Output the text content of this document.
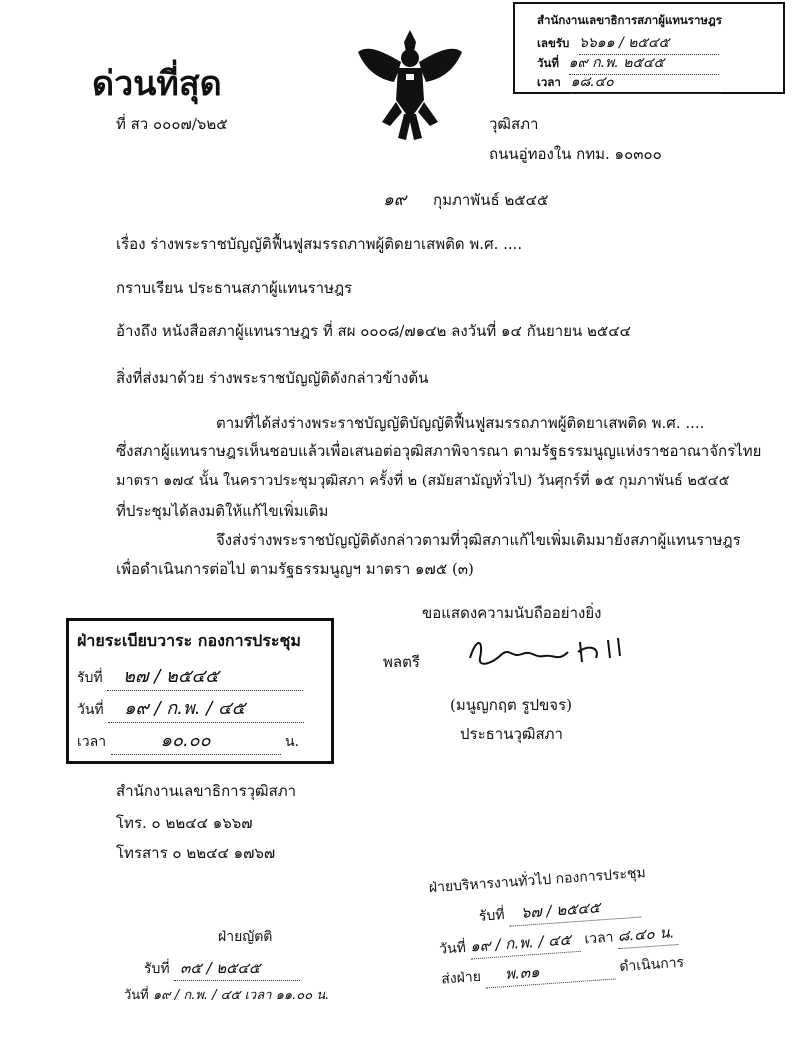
ด่วนที่สุด
ที่ สว ๐๐๐๗/๖๒๕	วุฒิสภา
ถนนอู่ทองใน กทม. ๑๐๓๐๐
สำนักงานเลขาธิการสภาผู้แทนราษฎร
เลขรับ ๖๖๑๑ / ๒๕๔๕
วันที่ ๑๙ ก.พ. ๒๕๔๕
เวลา ๑๘.๔๐
๑๙ กุมภาพันธ์ ๒๕๔๕
เรื่อง ร่างพระราชบัญญัติฟื้นฟูสมรรถภาพผู้ติดยาเสพติด พ.ศ. ....
กราบเรียน ประธานสภาผู้แทนราษฎร
อ้างถึง หนังสือสภาผู้แทนราษฎร ที่ สผ ๐๐๐๘/๗๑๔๒ ลงวันที่ ๑๔ กันยายน ๒๕๔๔
สิ่งที่ส่งมาด้วย ร่างพระราชบัญญัติดังกล่าวข้างต้น
ตามที่ได้ส่งร่างพระราชบัญญัติบัญญัติฟื้นฟูสมรรถภาพผู้ติดยาเสพติด พ.ศ. ....
ซึ่งสภาผู้แทนราษฎรเห็นชอบแล้วเพื่อเสนอต่อวุฒิสภาพิจารณา ตามรัฐธรรมนูญแห่งราชอาณาจักรไทย
มาตรา ๑๗๔ นั้น ในคราวประชุมวุฒิสภา ครั้งที่ ๒ (สมัยสามัญทั่วไป) วันศุกร์ที่ ๑๕ กุมภาพันธ์ ๒๕๔๕
ที่ประชุมได้ลงมติให้แก้ไขเพิ่มเติม
จึงส่งร่างพระราชบัญญัติดังกล่าวตามที่วุฒิสภาแก้ไขเพิ่มเติมมายังสภาผู้แทนราษฎร
เพื่อดำเนินการต่อไป ตามรัฐธรรมนูญฯ มาตรา ๑๗๕ (๓)
ขอแสดงความนับถืออย่างยิ่ง
ฝ่ายระเบียบวาระ กองการประชุม
รับที่ ๒๗ / ๒๕๔๕
วันที่ ๑๙ / ก.พ. / ๔๕
เวลา	๑๐.๐๐	น.
พลตรี
(มนูญกฤต รูปขจร)
ประธานวุฒิสภา
สำนักงานเลขาธิการวุฒิสภา
โทร. ๐ ๒๒๔๔ ๑๖๖๗
โทรสาร ๐ ๒๒๔๔ ๑๗๖๗
ฝ่ายบริหารงานทั่วไป กองการประชุม
รับที่ ๖๗ / ๒๕๔๕
วันที่ ๑๙ / ก.พ. / ๔๕ เวลา ๘.๔๐ น.
ส่งฝ่าย พ.๓๑	ดำเนินการ
ฝ่ายญัตติ
รับที่ ๓๕ / ๒๕๔๕
วันที่ ๑๙ / ก.พ. / ๔๕ เวลา ๑๑.๐๐ น.
